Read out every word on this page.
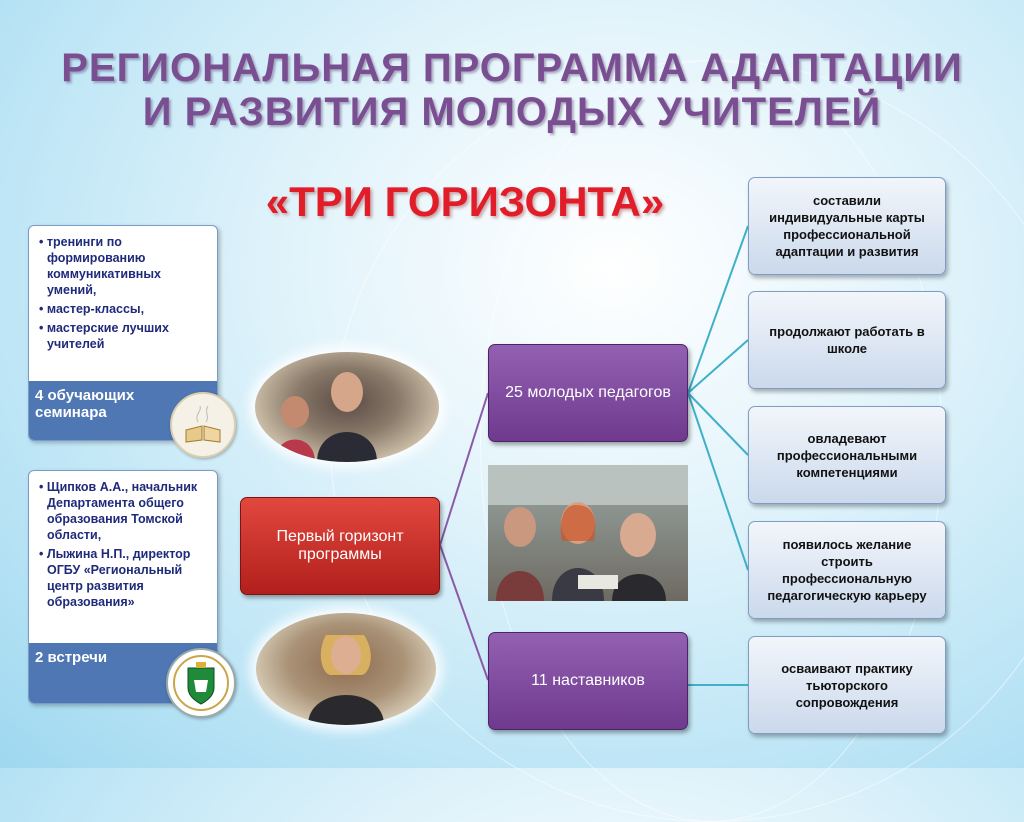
РЕГИОНАЛЬНАЯ ПРОГРАММА АДАПТАЦИИ
И РАЗВИТИЯ МОЛОДЫХ УЧИТЕЛЕЙ
«ТРИ ГОРИЗОНТА»
• тренинги по формированию коммуникативных умений,
• мастер-классы,
• мастерские лучших учителей
4 обучающих семинара
• Щипков А.А., начальник Департамента общего образования Томской области,
• Лыжина Н.П., директор ОГБУ «Региональный центр развития образования»
2 встречи
Первый горизонт программы
25 молодых педагогов
11 наставников
составили индивидуальные карты профессиональной адаптации и развития
продолжают работать в школе
овладевают профессиональными компетенциями
появилось желание строить профессиональную педагогическую карьеру
осваивают практику тьюторского сопровождения
